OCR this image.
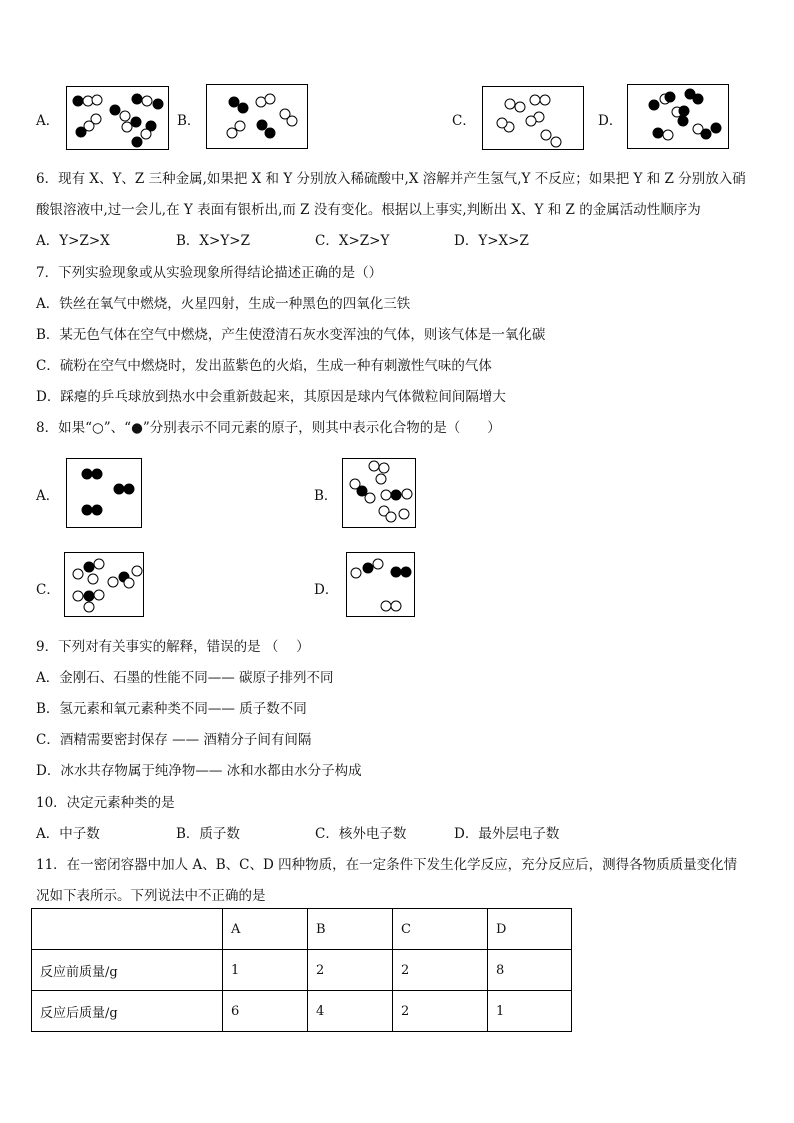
A．	B．	C．	D．
6．现有 X、Y、Z 三种金属,如果把 X 和 Y 分别放入稀硫酸中,X 溶解并产生氢气,Y 不反应；如果把 Y 和 Z 分别放入硝
酸银溶液中,过一会儿,在 Y 表面有银析出,而 Z 没有变化。根据以上事实,判断出 X、Y 和 Z 的金属活动性顺序为
A．Y>Z>X	B．X>Y>Z	C．X>Z>Y	D．Y>X>Z
7．下列实验现象或从实验现象所得结论描述正确的是（）
A．铁丝在氧气中燃烧，火星四射，生成一种黑色的四氧化三铁
B．某无色气体在空气中燃烧，产生使澄清石灰水变浑浊的气体，则该气体是一氧化碳
C．硫粉在空气中燃烧时，发出蓝紫色的火焰，生成一种有刺激性气味的气体
D．踩瘪的乒乓球放到热水中会重新鼓起来，其原因是球内气体微粒间间隔增大
8．如果“○”、“●”分别表示不同元素的原子，则其中表示化合物的是（　　）
A．	B．
C．	D．
9．下列对有关事实的解释，错误的是 （　 ）
A．金刚石、石墨的性能不同—— 碳原子排列不同
B．氢元素和氧元素种类不同—— 质子数不同
C．酒精需要密封保存 —— 酒精分子间有间隔
D．冰水共存物属于纯净物—— 冰和水都由水分子构成
10．决定元素种类的是
A．中子数	B．质子数	C．核外电子数	D．最外层电子数
11．在一密闭容器中加人 A、B、C、D 四种物质，在一定条件下发生化学反应，充分反应后，测得各物质质量变化情
况如下表所示。下列说法中不正确的是
	A	B	C	D
反应前质量/g	1	2	2	8
反应后质量/g	6	4	2	1
